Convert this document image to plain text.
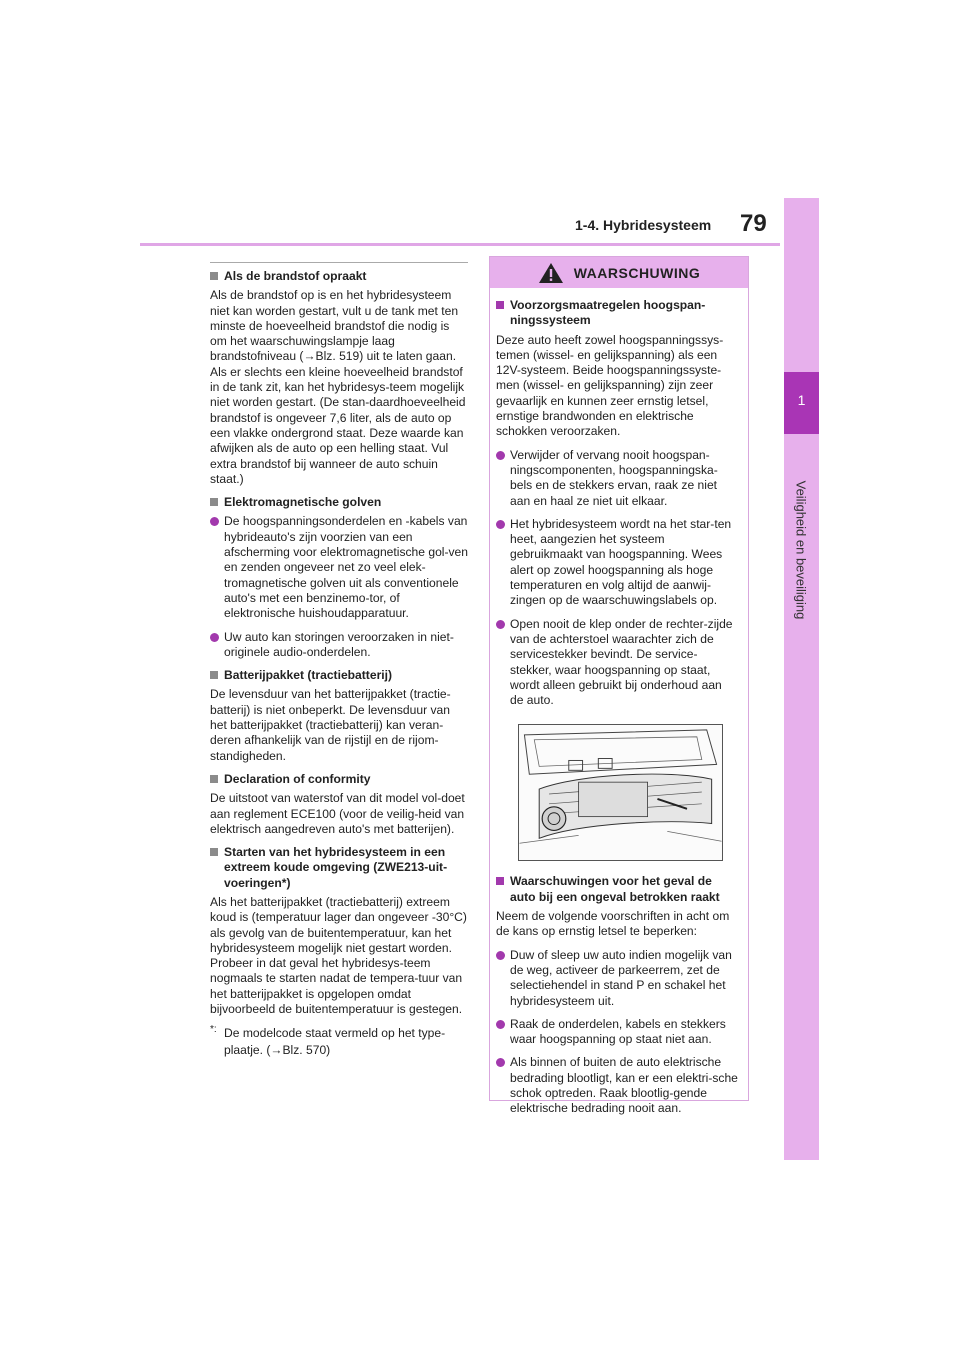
1-4. Hybridesysteem 79
1
Veiligheid en beveiliging
Als de brandstof opraakt

Als de brandstof op is en het hybridesysteem niet kan worden gestart, vult u de tank met ten minste de hoeveelheid brandstof die nodig is om het waarschuwingslampje laag brandstofniveau (→Blz. 519) uit te laten gaan. Als er slechts een kleine hoeveelheid brandstof in de tank zit, kan het hybridesys-teem mogelijk niet worden gestart. (De stan-daardhoeveelheid brandstof is ongeveer 7,6 liter, als de auto op een vlakke ondergrond staat. Deze waarde kan afwijken als de auto op een helling staat. Vul extra brandstof bij wanneer de auto schuin staat.)

Elektromagnetische golven
De hoogspanningsonderdelen en -kabels van hybrideauto's zijn voorzien van een afscherming voor elektromagnetische gol-ven en zenden ongeveer net zo veel elek-tromagnetische golven uit als conventionele auto's met een benzinemo-tor, of elektronische huishoudapparatuur.
Uw auto kan storingen veroorzaken in niet-originele audio-onderdelen.
Batterijpakket (tractiebatterij)

De levensduur van het batterijpakket (tractie-batterij) is niet onbeperkt. De levensduur van het batterijpakket (tractiebatterij) kan veran-deren afhankelijk van de rijstijl en de rijom-standigheden.

Declaration of conformity

De uitstoot van waterstof van dit model vol-doet aan reglement ECE100 (voor de veilig-heid van elektrisch aangedreven auto's met batterijen).

Starten van het hybridesysteem in een extreem koude omgeving (ZWE213-uit-voeringen*)

Als het batterijpakket (tractiebatterij) extreem koud is (temperatuur lager dan ongeveer -30°C) als gevolg van de buitentemperatuur, kan het hybridesysteem mogelijk niet gestart worden. Probeer in dat geval het hybridesys-teem nogmaals te starten nadat de tempera-tuur van het batterijpakket is opgelopen omdat bijvoorbeeld de buitentemperatuur is gestegen.

*: De modelcode staat vermeld op het type-plaatje. (→Blz. 570)
WAARSCHUWING
Voorzorgsmaatregelen hoogspan-ningssysteem

Deze auto heeft zowel hoogspanningssys-temen (wissel- en gelijkspanning) als een 12V-systeem. Beide hoogspanningssyste-men (wissel- en gelijkspanning) zijn zeer gevaarlijk en kunnen zeer ernstig letsel, ernstige brandwonden en elektrische schokken veroorzaken.

Verwijder of vervang nooit hoogspan-ningscomponenten, hoogspanningska-bels en de stekkers ervan, raak ze niet aan en haal ze niet uit elkaar.
Het hybridesysteem wordt na het star-ten heet, aangezien het systeem gebruikmaakt van hoogspanning. Wees alert op zowel hoogspanning als hoge temperaturen en volg altijd de aanwij-zingen op de waarschuwingslabels op.
Open nooit de klep onder de rechter-zijde van de achterstoel waarachter zich de servicestekker bevindt. De service-stekker, waar hoogspanning op staat, wordt alleen gebruikt bij onderhoud aan de auto.
Waarschuwingen voor het geval de auto bij een ongeval betrokken raakt

Neem de volgende voorschriften in acht om de kans op ernstig letsel te beperken:

Duw of sleep uw auto indien mogelijk van de weg, activeer de parkeerrem, zet de selectiehendel in stand P en schakel het hybridesysteem uit.
Raak de onderdelen, kabels en stekkers waar hoogspanning op staat niet aan.
Als binnen of buiten de auto elektrische bedrading blootligt, kan er een elektri-sche schok optreden. Raak blootlig-gende elektrische bedrading nooit aan.
